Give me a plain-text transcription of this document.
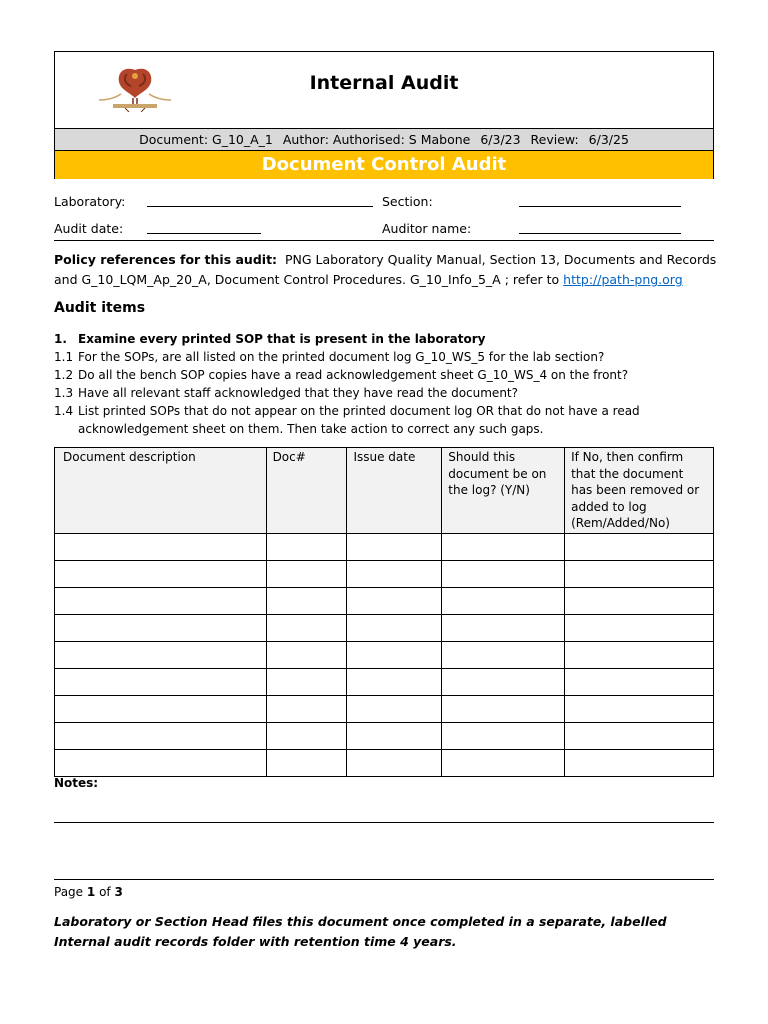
Internal Audit
Document: G_10_A_1 Author: Authorised: S Mabone 6/3/23 Review: 6/3/25
Document Control Audit
Laboratory:	Section:
Audit date:	Auditor name:
Policy references for this audit: PNG Laboratory Quality Manual, Section 13, Documents and Records and G_10_LQM_Ap_20_A, Document Control Procedures. G_10_Info_5_A ; refer to http://path-png.org
Audit items
1. Examine every printed SOP that is present in the laboratory
1.1 For the SOPs, are all listed on the printed document log G_10_WS_5 for the lab section?
1.2 Do all the bench SOP copies have a read acknowledgement sheet G_10_WS_4 on the front?
1.3 Have all relevant staff acknowledged that they have read the document?
1.4 List printed SOPs that do not appear on the printed document log OR that do not have a read acknowledgement sheet on them. Then take action to correct any such gaps.
Document description	Doc#	Issue date	Should this document be on the log? (Y/N)	If No, then confirm that the document has been removed or added to log (Rem/Added/No)

Notes:
Page 1 of 3
Laboratory or Section Head files this document once completed in a separate, labelled Internal audit records folder with retention time 4 years.
